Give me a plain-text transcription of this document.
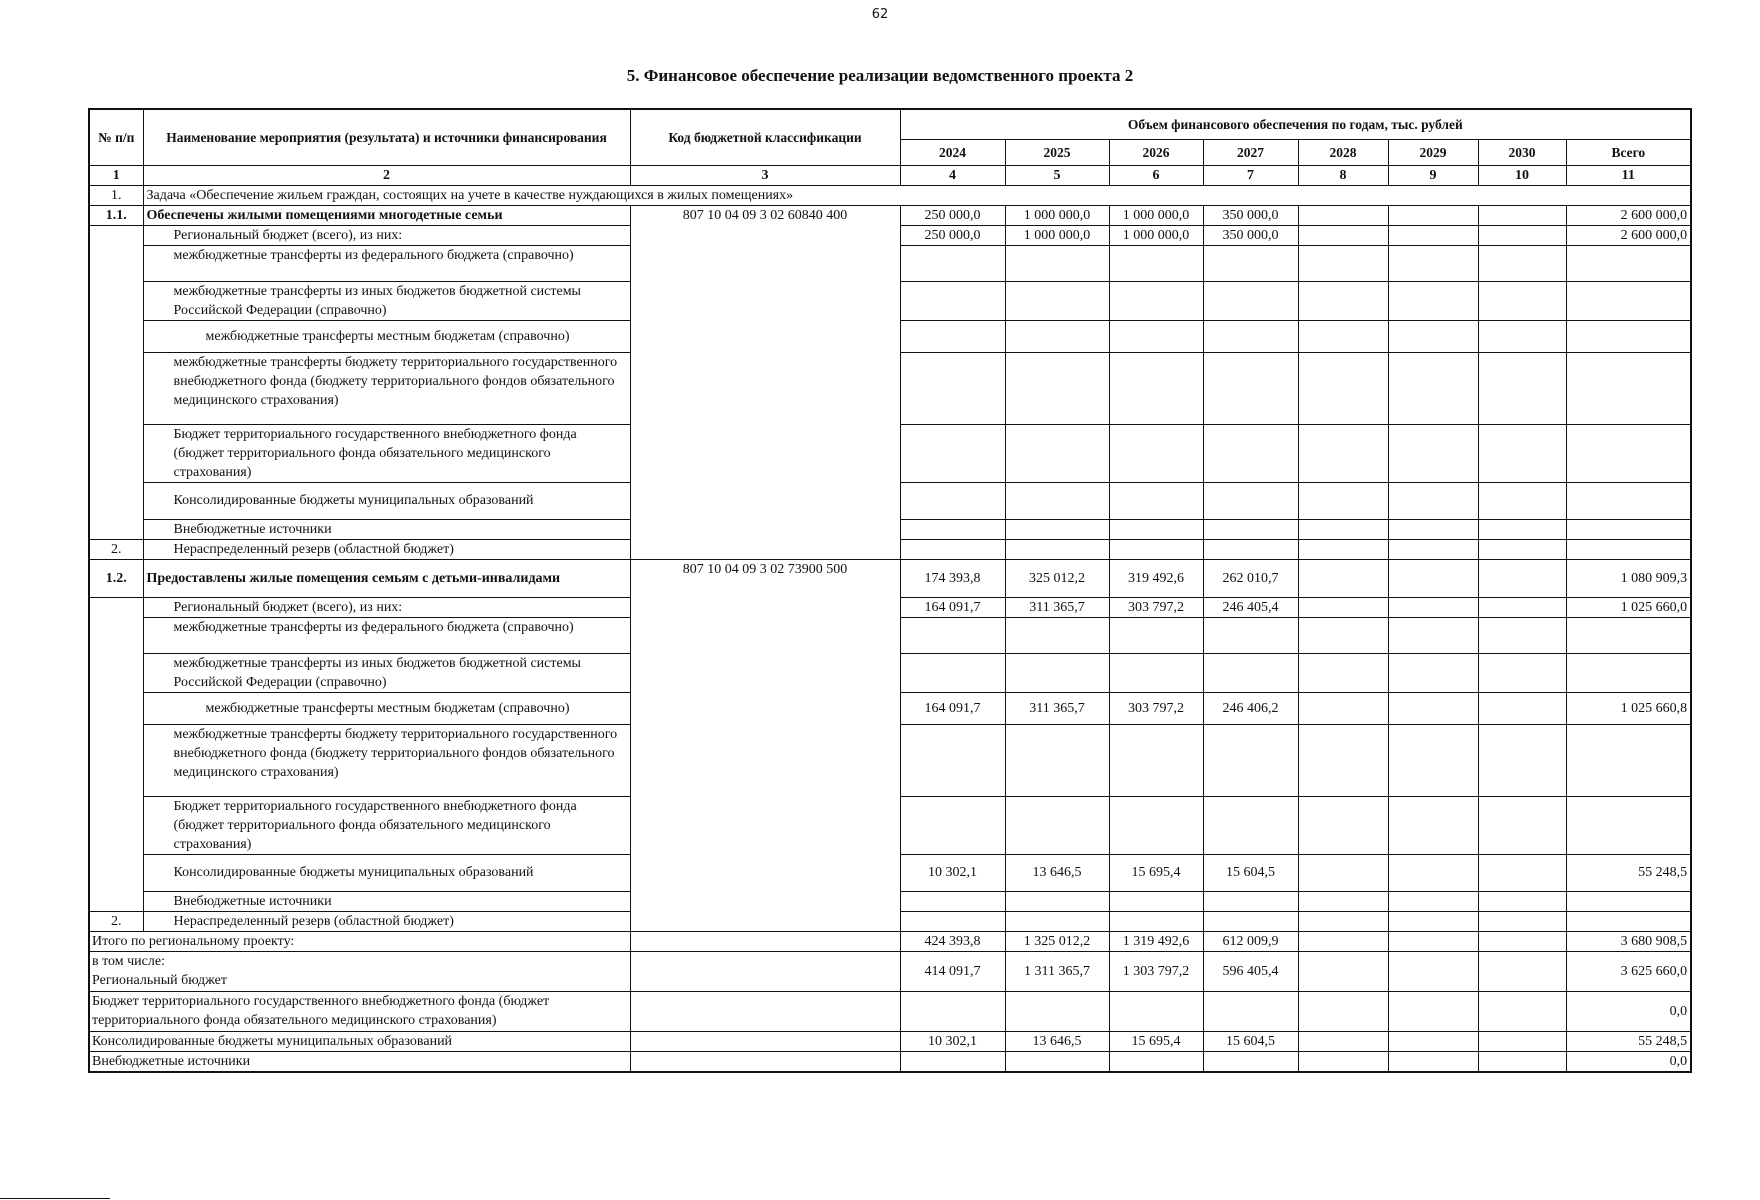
62
5. Финансовое обеспечение реализации ведомственного проекта 2
№ п/п	Наименование мероприятия (результата) и источники финансирования	Код бюджетной классификации	Объем финансового обеспечения по годам, тыс. рублей							
			2024	2025	2026	2027	2028	2029	2030	Всего
1	2	3	4	5	6	7	8	9	10	11
1.	Задача «Обеспечение жильем граждан, состоящих на учете в качестве нуждающихся в жилых помещениях»									
1.1.	Обеспечены жилыми помещениями многодетные семьи	807 10 04 09 3 02 60840 400	250 000,0	1 000 000,0	1 000 000,0	350 000,0				2 600 000,0
	Региональный бюджет (всего), из них:		250 000,0	1 000 000,0	1 000 000,0	350 000,0				2 600 000,0
	межбюджетные трансферты из федерального бюджета (справочно)									
	межбюджетные трансферты из иных бюджетов бюджетной системы Российской Федерации (справочно)									
	межбюджетные трансферты местным бюджетам (справочно)									
	межбюджетные трансферты бюджету территориального государственного внебюджетного фонда (бюджету территориального фондов обязательного медицинского страхования)									
	Бюджет территориального государственного внебюджетного фонда (бюджет территориального фонда обязательного медицинского страхования)									
	Консолидированные бюджеты муниципальных образований									
	Внебюджетные источники									
2.	Нераспределенный резерв (областной бюджет)									
1.2.	Предоставлены жилые помещения семьям с детьми-инвалидами	807 10 04 09 3 02 73900 500	174 393,8	325 012,2	319 492,6	262 010,7				1 080 909,3
	Региональный бюджет (всего), из них:		164 091,7	311 365,7	303 797,2	246 405,4				1 025 660,0
	межбюджетные трансферты из федерального бюджета (справочно)									
	межбюджетные трансферты из иных бюджетов бюджетной системы Российской Федерации (справочно)									
	межбюджетные трансферты местным бюджетам (справочно)		164 091,7	311 365,7	303 797,2	246 406,2				1 025 660,8
	межбюджетные трансферты бюджету территориального государственного внебюджетного фонда (бюджету территориального фондов обязательного медицинского страхования)									
	Бюджет территориального государственного внебюджетного фонда (бюджет территориального фонда обязательного медицинского страхования)									
	Консолидированные бюджеты муниципальных образований		10 302,1	13 646,5	15 695,4	15 604,5				55 248,5
	Внебюджетные источники									
2.	Нераспределенный резерв (областной бюджет)									
Итого по региональному проекту:			424 393,8	1 325 012,2	1 319 492,6	612 009,9				3 680 908,5

в том числе:
Региональный бюджет			414 091,7	1 311 365,7	1 303 797,2	596 405,4				3 625 660,0
Бюджет территориального государственного внебюджетного фонда (бюджет территориального фонда обязательного медицинского страхования)										0,0
Консолидированные бюджеты муниципальных образований			10 302,1	13 646,5	15 695,4	15 604,5				55 248,5
Внебюджетные источники										0,0
